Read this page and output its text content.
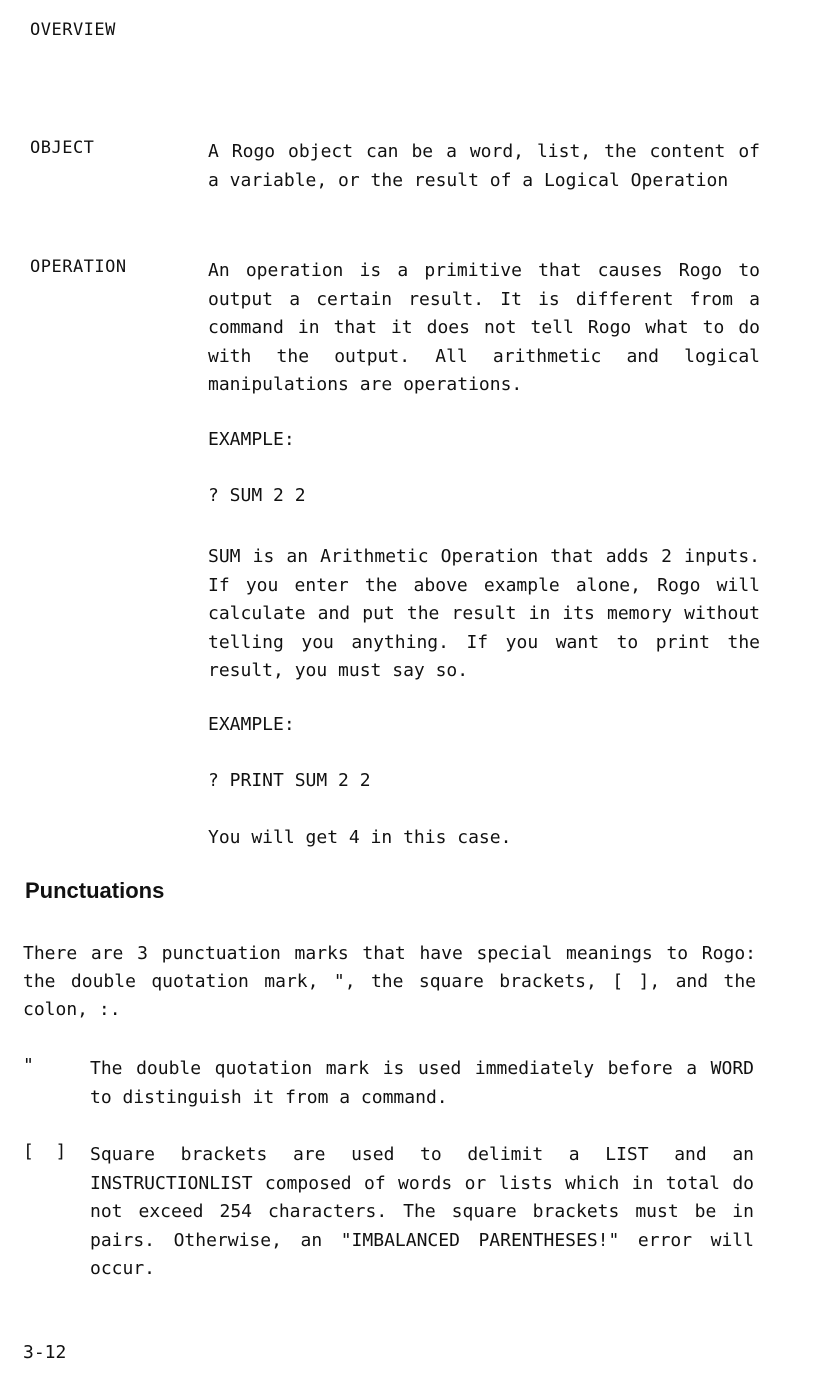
OVERVIEW
OBJECT	A Rogo object can be a word, list, the content of a variable, or the result of a Logical Operation
OPERATION	An operation is a primitive that causes Rogo to output a certain result. It is different from a command in that it does not tell Rogo what to do with the output. All arithmetic and logical manipulations are operations.
EXAMPLE:
? SUM 2 2
SUM is an Arithmetic Operation that adds 2 inputs. If you enter the above example alone, Rogo will calculate and put the result in its memory without telling you anything. If you want to print the result, you must say so.
EXAMPLE:
? PRINT SUM 2 2
You will get 4 in this case.
Punctuations
There are 3 punctuation marks that have special meanings to Rogo: the double quotation mark, ", the square brackets, [ ], and the colon, :.
"	The double quotation mark is used immediately before a WORD to distinguish it from a command.
[  ] Square brackets are used to delimit a LIST and an INSTRUCTIONLIST composed of words or lists which in total do not exceed 254 characters. The square brackets must be in pairs. Otherwise, an "IMBALANCED PARENTHESES!" error will occur.
3-12
